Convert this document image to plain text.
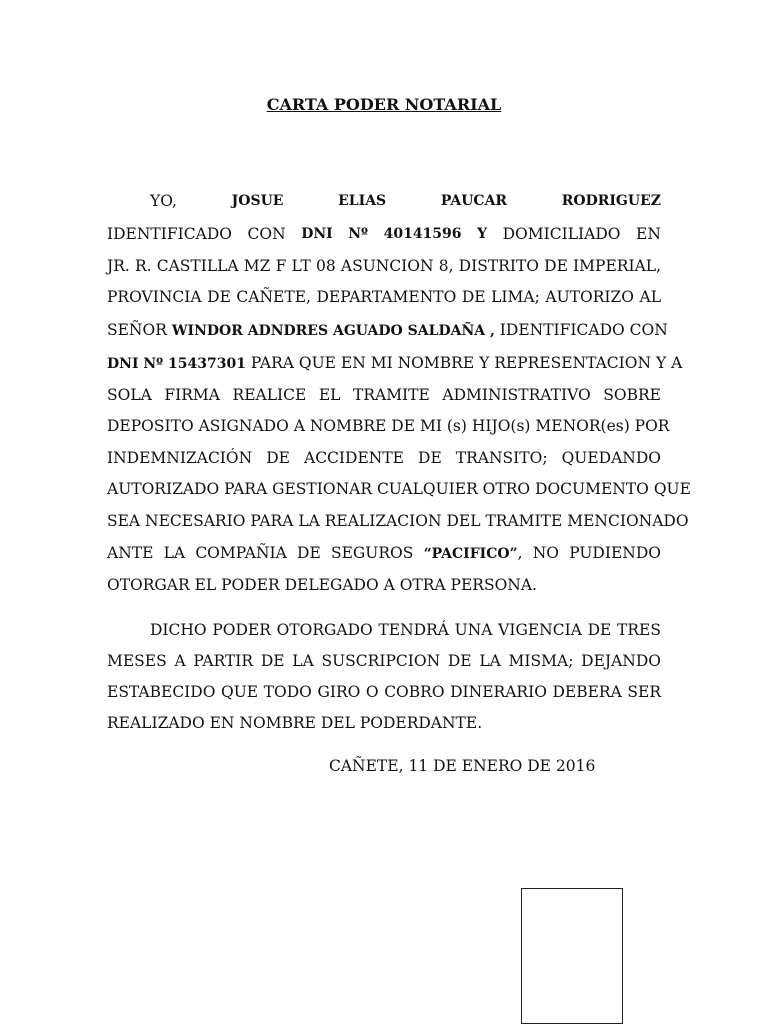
CARTA PODER NOTARIAL
YO,	JOSUE	ELIAS	PAUCAR	RODRIGUEZ
IDENTIFICADO CON DNI Nº 40141596 Y DOMICILIADO EN
JR. R. CASTILLA MZ F LT 08 ASUNCION 8, DISTRITO DE IMPERIAL,
PROVINCIA DE CAÑETE, DEPARTAMENTO DE LIMA; AUTORIZO AL
SEÑOR WINDOR ADNDRES AGUADO SALDAÑA , IDENTIFICADO CON
DNI Nº 15437301 PARA QUE EN MI NOMBRE Y REPRESENTACION Y A
SOLA FIRMA REALICE EL TRAMITE ADMINISTRATIVO SOBRE
DEPOSITO ASIGNADO A NOMBRE DE MI (s) HIJO(s) MENOR(es) POR
INDEMNIZACIÓN DE ACCIDENTE DE TRANSITO; QUEDANDO
AUTORIZADO PARA GESTIONAR CUALQUIER OTRO DOCUMENTO QUE
SEA NECESARIO PARA LA REALIZACION DEL TRAMITE MENCIONADO
ANTE LA COMPAÑIA DE SEGUROS “PACIFICO”, NO PUDIENDO
OTORGAR EL PODER DELEGADO A OTRA PERSONA.
DICHO PODER OTORGADO TENDRÁ UNA VIGENCIA DE TRES
MESES A PARTIR DE LA SUSCRIPCION DE LA MISMA; DEJANDO
ESTABECIDO QUE TODO GIRO O COBRO DINERARIO DEBERA SER
REALIZADO EN NOMBRE DEL PODERDANTE.
CAÑETE, 11 DE ENERO DE 2016
